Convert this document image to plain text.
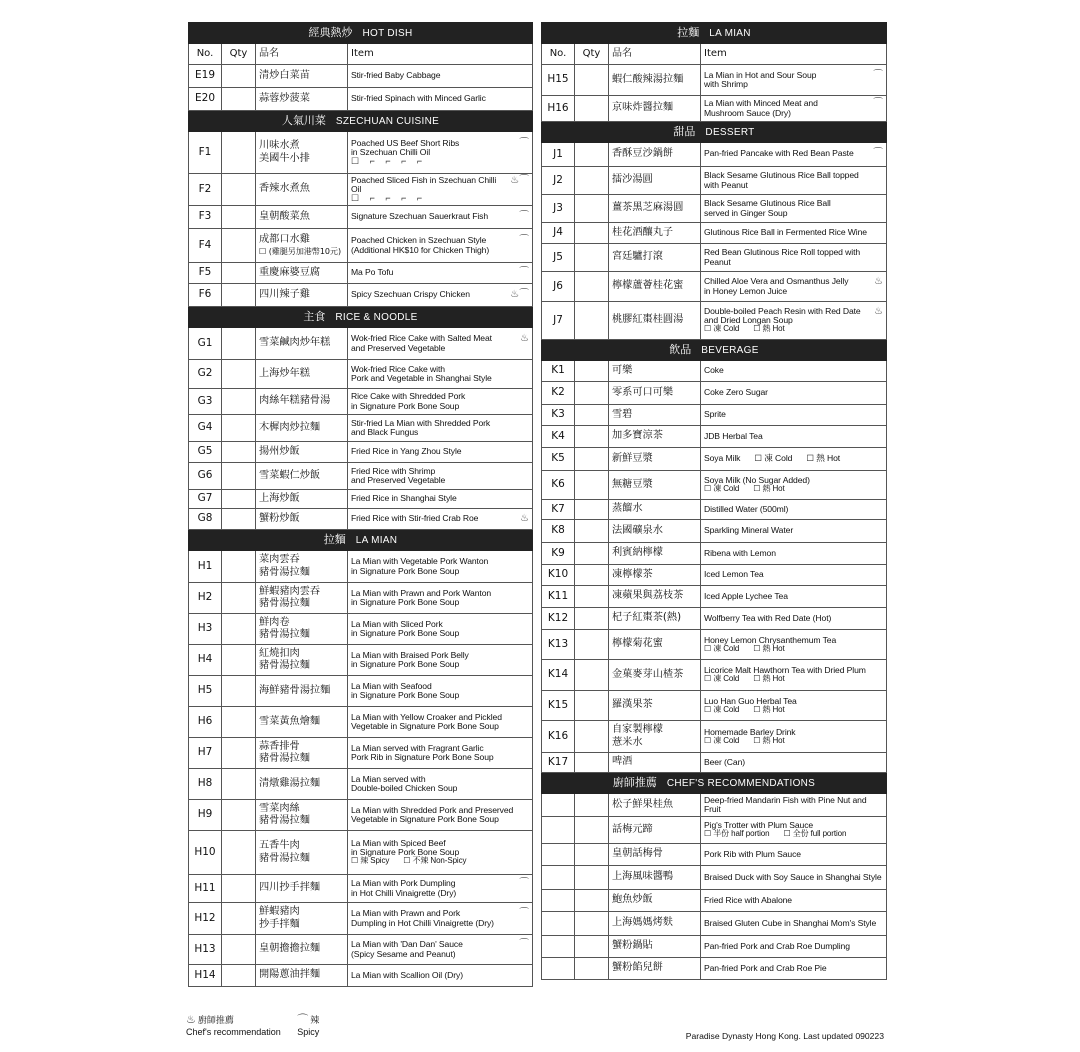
經典熱炒 HOT DISH			
No.	Qty	品名	Item
E19		清炒白菜苗	Stir-fried Baby Cabbage
E20		蒜蓉炒菠菜	Stir-fried Spinach with Minced Garlic
人氣川菜 SZECHUAN CUISINE			
F1		川味水煮
美國牛小排	⌒
Poached US Beef Short Ribs
in Szechuan Chilli Oil
☐ ⌐ ⌐ ⌐ ⌐

F2		香辣水煮魚	♨⌒
Poached Sliced Fish in Szechuan Chilli Oil
☐ ⌐ ⌐ ⌐ ⌐

F3		皇朝酸菜魚	⌒
Signature Szechuan Sauerkraut Fish
F4		成都口水雞
☐ (雞腿另加港幣10元)	⌒
Poached Chicken in Szechuan Style
(Additional HK$10 for Chicken Thigh)
F5		重慶麻婆豆腐	⌒
Ma Po Tofu
F6		四川辣子雞	♨⌒
Spicy Szechuan Crispy Chicken
主食 RICE & NOODLE			
G1		雪菜鹹肉炒年糕	♨
Wok-fried Rice Cake with Salted Meat
and Preserved Vegetable
G2		上海炒年糕	Wok-fried Rice Cake with
Pork and Vegetable in Shanghai Style
G3		肉絲年糕豬骨湯	Rice Cake with Shredded Pork
in Signature Pork Bone Soup
G4		木樨肉炒拉麵	Stir-fried La Mian with Shredded Pork
and Black Fungus
G5		揚州炒飯	Fried Rice in Yang Zhou Style
G6		雪菜蝦仁炒飯	Fried Rice with Shrimp
and Preserved Vegetable
G7		上海炒飯	Fried Rice in Shanghai Style
G8		蟹粉炒飯	♨
Fried Rice with Stir-fried Crab Roe
拉麵 LA MIAN			
H1		菜肉雲吞
豬骨湯拉麵	La Mian with Vegetable Pork Wanton
in Signature Pork Bone Soup
H2		鮮蝦豬肉雲吞
豬骨湯拉麵	La Mian with Prawn and Pork Wanton
in Signature Pork Bone Soup
H3		鮮肉卷
豬骨湯拉麵	La Mian with Sliced Pork
in Signature Pork Bone Soup
H4		紅燒扣肉
豬骨湯拉麵	La Mian with Braised Pork Belly
in Signature Pork Bone Soup
H5		海鮮豬骨湯拉麵	La Mian with Seafood
in Signature Pork Bone Soup
H6		雪菜黃魚燴麵	La Mian with Yellow Croaker and Pickled
Vegetable in Signature Pork Bone Soup
H7		蒜香排骨
豬骨湯拉麵	La Mian served with Fragrant Garlic
Pork Rib in Signature Pork Bone Soup
H8		清燉雞湯拉麵	La Mian served with
Double-boiled Chicken Soup
H9		雪菜肉絲
豬骨湯拉麵	La Mian with Shredded Pork and Preserved
Vegetable in Signature Pork Bone Soup
H10		五香牛肉
豬骨湯拉麵	La Mian with Spiced Beef
in Signature Pork Bone Soup
☐ 辣 Spicy ☐ 不辣 Non-Spicy

H11		四川抄手拌麵	⌒
La Mian with Pork Dumpling
in Hot Chilli Vinaigrette (Dry)
H12		鮮蝦豬肉
抄手拌麵	⌒
La Mian with Prawn and Pork
Dumpling in Hot Chilli Vinaigrette (Dry)
H13		皇朝擔擔拉麵	⌒
La Mian with 'Dan Dan' Sauce
(Spicy Sesame and Peanut)
H14		開陽蔥油拌麵	La Mian with Scallion Oil (Dry)
拉麵 LA MIAN			
No.	Qty	品名	Item
H15		蝦仁酸辣湯拉麵	⌒
La Mian in Hot and Sour Soup
with Shrimp
H16		京味炸醬拉麵	⌒
La Mian with Minced Meat and
Mushroom Sauce (Dry)
甜品 DESSERT			
J1		香酥豆沙鍋餅	⌒
Pan-fried Pancake with Red Bean Paste
J2		擂沙湯圓	Black Sesame Glutinous Rice Ball topped
with Peanut
J3		薑茶黑芝麻湯圓	Black Sesame Glutinous Rice Ball
served in Ginger Soup
J4		桂花酒釀丸子	Glutinous Rice Ball in Fermented Rice Wine
J5		宮廷驢打滾	Red Bean Glutinous Rice Roll topped with
Peanut
J6		檸檬蘆薈桂花蜜	♨
Chilled Aloe Vera and Osmanthus Jelly
in Honey Lemon Juice
J7		桃膠紅棗桂圓湯	♨
Double-boiled Peach Resin with Red Date
and Dried Longan Soup
☐ 凍 Cold ☐ 熱 Hot

飲品 BEVERAGE			
K1		可樂	Coke
K2		零系可口可樂	Coke Zero Sugar
K3		雪碧	Sprite
K4		加多寶涼茶	JDB Herbal Tea
K5		新鮮豆漿	Soya Milk ☐ 凍 Cold ☐ 熱 Hot
K6		無糖豆漿	Soya Milk (No Sugar Added)
☐ 凍 Cold ☐ 熱 Hot

K7		蒸餾水	Distilled Water (500ml)
K8		法國礦泉水	Sparkling Mineral Water
K9		利賓納檸檬	Ribena with Lemon
K10		凍檸檬茶	Iced Lemon Tea
K11		凍蘋果與荔枝茶	Iced Apple Lychee Tea
K12		杞子紅棗茶(熱)	Wolfberry Tea with Red Date (Hot)
K13		檸檬菊花蜜	Honey Lemon Chrysanthemum Tea
☐ 凍 Cold ☐ 熱 Hot

K14		金菓麥芽山楂茶	Licorice Malt Hawthorn Tea with Dried Plum
☐ 凍 Cold ☐ 熱 Hot

K15		羅漢果茶	Luo Han Guo Herbal Tea
☐ 凍 Cold ☐ 熱 Hot

K16		自家製檸檬
薏米水	Homemade Barley Drink
☐ 凍 Cold ☐ 熱 Hot

K17		啤酒	Beer (Can)
廚師推薦 CHEF'S RECOMMENDATIONS			
		松子鮮果桂魚	Deep-fried Mandarin Fish with Pine Nut and Fruit
		話梅元蹄	Pig's Trotter with Plum Sauce
☐ 半份 half portion ☐ 全份 full portion

		皇朝話梅骨	Pork Rib with Plum Sauce
		上海風味醬鴨	Braised Duck with Soy Sauce in Shanghai Style
		鮑魚炒飯	Fried Rice with Abalone
		上海媽媽烤麩	Braised Gluten Cube in Shanghai Mom's Style
		蟹粉鍋貼	Pan-fried Pork and Crab Roe Dumpling
		蟹粉餡兒餅	Pan-fried Pork and Crab Roe Pie
♨ 廚師推薦
Chef's recommendation ⌒ 辣
Spicy	Paradise Dynasty Hong Kong. Last updated 090223
